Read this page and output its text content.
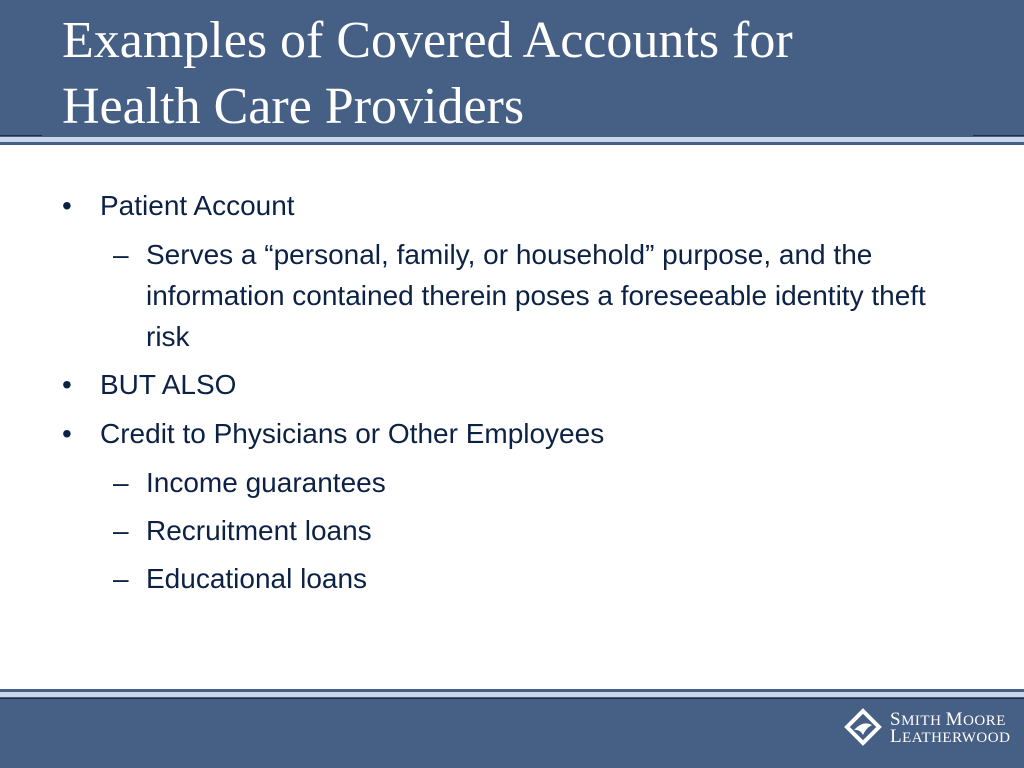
Examples of Covered Accounts for
Health Care Providers
• Patient Account
– Serves a “personal, family, or household” purpose, and the information contained therein poses a foreseeable identity theft risk
• BUT ALSO
• Credit to Physicians or Other Employees
– Income guarantees
– Recruitment loans
– Educational loans
SMITH MOORE
LEATHERWOOD
